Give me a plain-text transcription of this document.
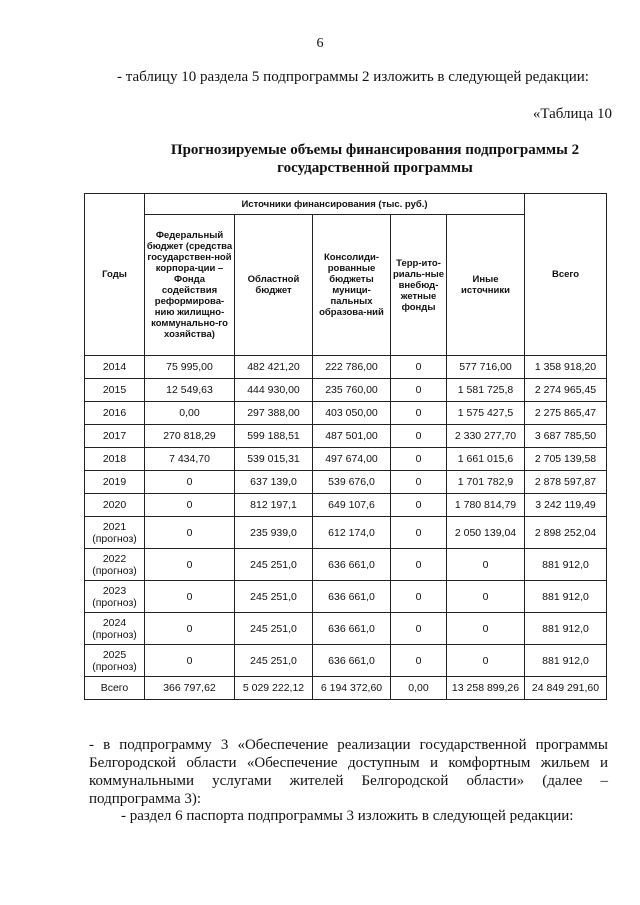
6
- таблицу 10 раздела 5 подпрограммы 2 изложить в следующей редакции:
«Таблица 10
Прогнозируемые объемы финансирования подпрограммы 2
государственной программы
Годы	Источники финансирования (тыс. руб.)					Всего
	Федеральный бюджет (средства государствен-ной корпора-ции – Фонда содействия реформирова-нию жилищно-коммунально-го хозяйства)	Областной бюджет	Консолиди-рованные бюджеты муници-пальных образова-ний	Терр-ито-риаль-ные внебюд-жетные фонды	Иные источники	
2014	75 995,00	482 421,20	222 786,00	0	577 716,00	1 358 918,20
2015	12 549,63	444 930,00	235 760,00	0	1 581 725,8	2 274 965,45
2016	0,00	297 388,00	403 050,00	0	1 575 427,5	2 275 865,47
2017	270 818,29	599 188,51	487 501,00	0	2 330 277,70	3 687 785,50
2018	7 434,70	539 015,31	497 674,00	0	1 661 015,6	2 705 139,58
2019	0	637 139,0	539 676,0	0	1 701 782,9	2 878 597,87
2020	0	812 197,1	649 107,6	0	1 780 814,79	3 242 119,49

2021
(прогноз)	0	235 939,0	612 174,0	0	2 050 139,04	2 898 252,04

2022
(прогноз)	0	245 251,0	636 661,0	0	0	881 912,0

2023
(прогноз)	0	245 251,0	636 661,0	0	0	881 912,0

2024
(прогноз)	0	245 251,0	636 661,0	0	0	881 912,0

2025
(прогноз)	0	245 251,0	636 661,0	0	0	881 912,0
Всего	366 797,62	5 029 222,12	6 194 372,60	0,00	13 258 899,26	24 849 291,60
- в подпрограмму 3 «Обеспечение реализации государственной программы Белгородской области «Обеспечение доступным и комфортным жильем и коммунальными услугами жителей Белгородской области» (далее – подпрограмма 3):
- раздел 6 паспорта подпрограммы 3 изложить в следующей редакции:
